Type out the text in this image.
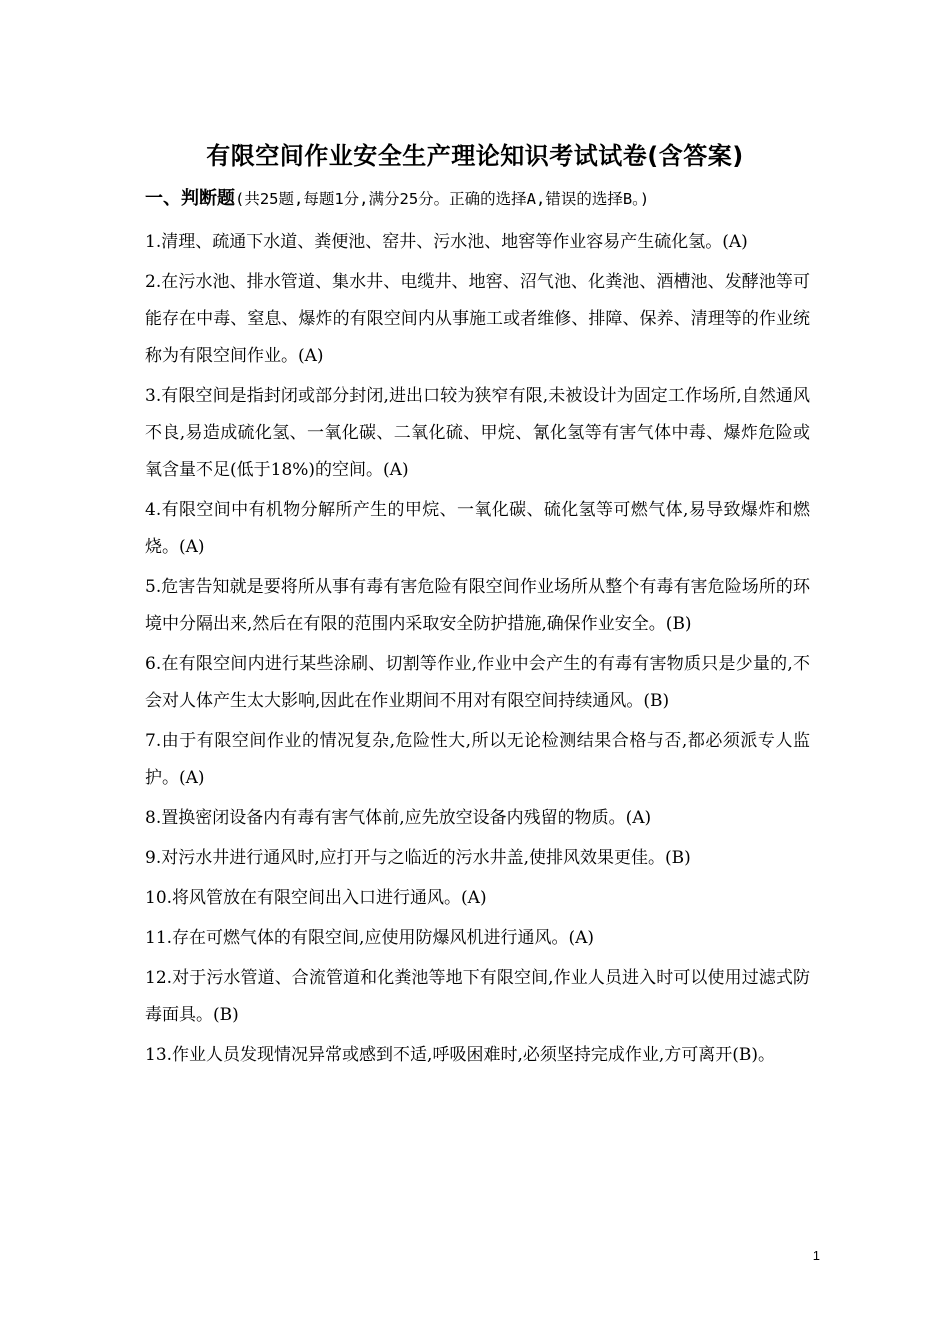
有限空间作业安全生产理论知识考试试卷(含答案)
一、判断题(共25题,每题1分,满分25分。正确的选择A,错误的选择B。)

1.清理、疏通下水道、粪便池、窑井、污水池、地窖等作业容易产生硫化氢。(A)

2.在污水池、排水管道、集水井、电缆井、地窖、沼气池、化粪池、酒槽池、发酵池等可能存在中毒、窒息、爆炸的有限空间内从事施工或者维修、排障、保养、清理等的作业统称为有限空间作业。(A)

3.有限空间是指封闭或部分封闭,进出口较为狭窄有限,未被设计为固定工作场所,自然通风不良,易造成硫化氢、一氧化碳、二氧化硫、甲烷、氰化氢等有害气体中毒、爆炸危险或氧含量不足(低于18%)的空间。(A)

4.有限空间中有机物分解所产生的甲烷、一氧化碳、硫化氢等可燃气体,易导致爆炸和燃烧。(A)

5.危害告知就是要将所从事有毒有害危险有限空间作业场所从整个有毒有害危险场所的环境中分隔出来,然后在有限的范围内采取安全防护措施,确保作业安全。(B)

6.在有限空间内进行某些涂刷、切割等作业,作业中会产生的有毒有害物质只是少量的,不会对人体产生太大影响,因此在作业期间不用对有限空间持续通风。(B)

7.由于有限空间作业的情况复杂,危险性大,所以无论检测结果合格与否,都必须派专人监护。(A)

8.置换密闭设备内有毒有害气体前,应先放空设备内残留的物质。(A)

9.对污水井进行通风时,应打开与之临近的污水井盖,使排风效果更佳。(B)

10.将风管放在有限空间出入口进行通风。(A)

11.存在可燃气体的有限空间,应使用防爆风机进行通风。(A)

12.对于污水管道、合流管道和化粪池等地下有限空间,作业人员进入时可以使用过滤式防毒面具。(B)

13.作业人员发现情况异常或感到不适,呼吸困难时,必须坚持完成作业,方可离开(B)。

1
